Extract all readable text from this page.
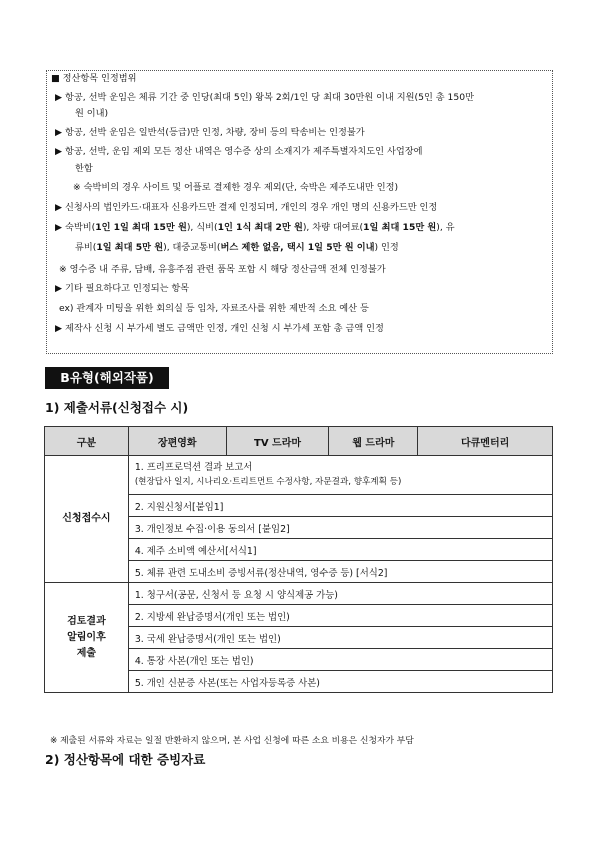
■ 정산항목 인정범위
▶ 항공, 선박 운임은 체류 기간 중 인당(최대 5인) 왕복 2회/1인 당 최대 30만원 이내 지원(5인 총 150만
원 이내)
▶ 항공, 선박 운임은 일반석(등급)만 인정, 차량, 장비 등의 탁송비는 인정불가
▶ 항공, 선박, 운임 제외 모든 정산 내역은 영수증 상의 소재지가 제주특별자치도인 사업장에
한함
※ 숙박비의 경우 사이트 및 어플로 결제한 경우 제외(단, 숙박은 제주도내만 인정)
▶ 신청사의 법인카드·대표자 신용카드만 결제 인정되며, 개인의 경우 개인 명의 신용카드만 인정
▶ 숙박비(1인 1일 최대 15만 원), 식비(1인 1식 최대 2만 원), 차량 대여료(1일 최대 15만 원), 유
류비(1일 최대 5만 원), 대중교통비(버스 제한 없음, 택시 1일 5만 원 이내) 인정
※ 영수증 내 주류, 담배, 유흥주점 관련 품목 포함 시 해당 정산금액 전체 인정불가
▶ 기타 필요하다고 인정되는 항목
ex) 관계자 미팅을 위한 회의실 등 임차, 자료조사를 위한 제반적 소요 예산 등
▶ 제작사 신청 시 부가세 별도 금액만 인정, 개인 신청 시 부가세 포함 총 금액 인정
B유형(해외작품)
1) 제출서류(신청접수 시)
구분	장편영화	TV 드라마	웹 드라마	다큐멘터리
신청접수시	1. 프리프로덕션 결과 보고서
(현장답사 일지, 시나리오·트리트먼트 수정사항, 자문결과, 향후계획 등)			

	2. 지원신청서[붙임1]			
	3. 개인정보 수집·이용 동의서 [붙임2]			
	4. 제주 소비액 예산서[서식1]			
	5. 체류 관련 도내소비 증빙서류(정산내역, 영수증 등) [서식2]			

검토결과
알림이후
제출	1. 청구서(공문, 신청서 등 요청 시 양식제공 가능)			
	2. 지방세 완납증명서(개인 또는 법인)			
	3. 국세 완납증명서(개인 또는 법인)			
	4. 통장 사본(개인 또는 법인)			
	5. 개인 신분증 사본(또는 사업자등록증 사본)			
※ 제출된 서류와 자료는 일절 반환하지 않으며, 본 사업 신청에 따른 소요 비용은 신청자가 부담
2) 정산항목에 대한 증빙자료
